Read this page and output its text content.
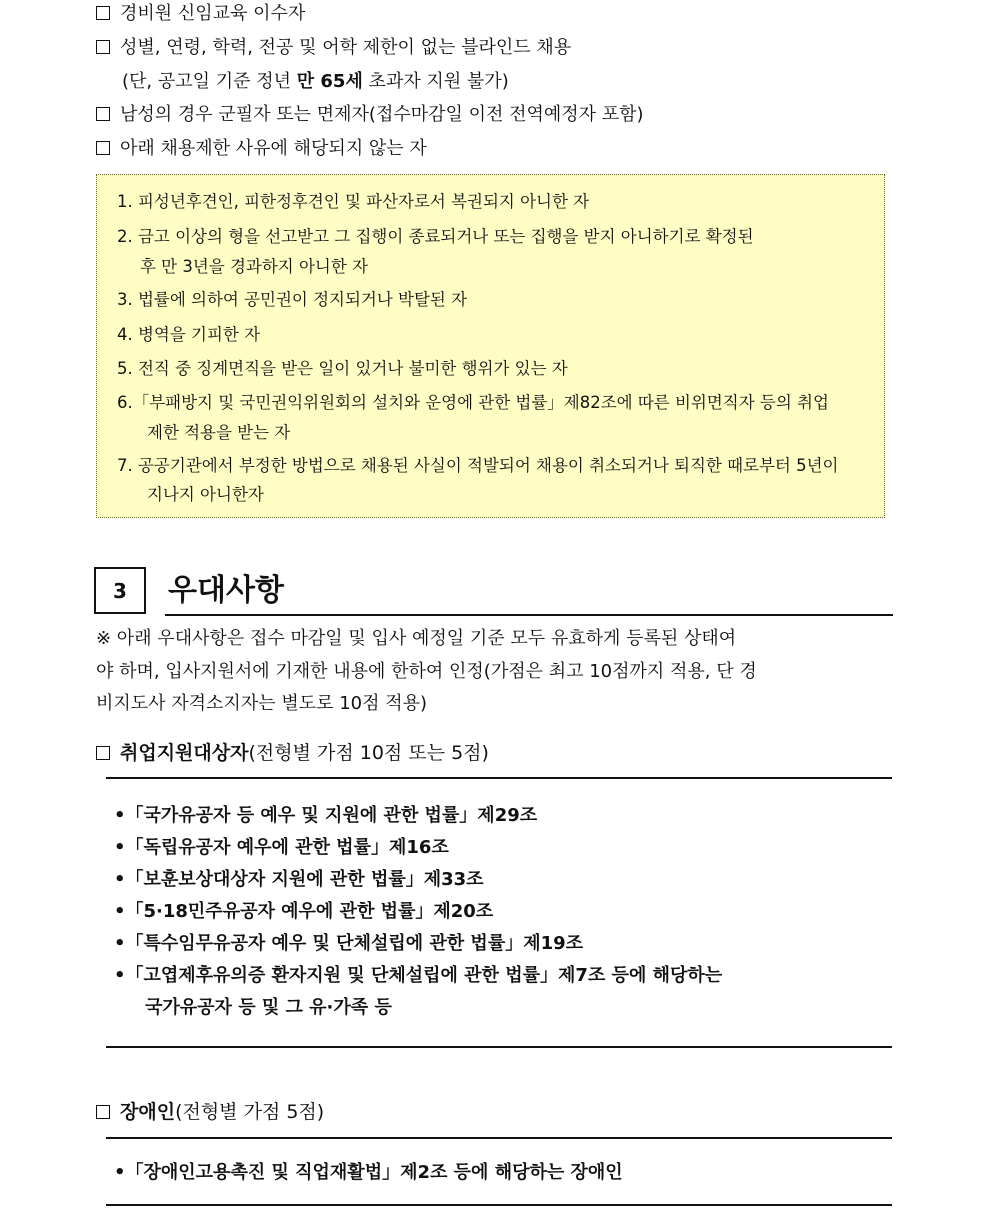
경비원 신임교육 이수자
성별, 연령, 학력, 전공 및 어학 제한이 없는 블라인드 채용
(단, 공고일 기준 정년 만 65세 초과자 지원 불가)
남성의 경우 군필자 또는 면제자(접수마감일 이전 전역예정자 포함)
아래 채용제한 사유에 해당되지 않는 자
1. 피성년후견인, 피한정후견인 및 파산자로서 복권되지 아니한 자
2. 금고 이상의 형을 선고받고 그 집행이 종료되거나 또는 집행을 받지 아니하기로 확정된
후 만 3년을 경과하지 아니한 자
3. 법률에 의하여 공민권이 정지되거나 박탈된 자
4. 병역을 기피한 자
5. 전직 중 징계면직을 받은 일이 있거나 불미한 행위가 있는 자
6.「부패방지 및 국민권익위원회의 설치와 운영에 관한 법률」제82조에 따른 비위면직자 등의 취업
제한 적용을 받는 자
7. 공공기관에서 부정한 방법으로 채용된 사실이 적발되어 채용이 취소되거나 퇴직한 때로부터 5년이
지나지 아니한자
3	우대사항
※ 아래 우대사항은 접수 마감일 및 입사 예정일 기준 모두 유효하게 등록된 상태여
야 하며, 입사지원서에 기재한 내용에 한하여 인정(가점은 최고 10점까지 적용, 단 경
비지도사 자격소지자는 별도로 10점 적용)
취업지원대상자(전형별 가점 10점 또는 5점)
•「국가유공자 등 예우 및 지원에 관한 법률」제29조
•「독립유공자 예우에 관한 법률」제16조
•「보훈보상대상자 지원에 관한 법률」제33조
•「5·18민주유공자 예우에 관한 법률」제20조
•「특수임무유공자 예우 및 단체설립에 관한 법률」제19조
•「고엽제후유의증 환자지원 및 단체설립에 관한 법률」제7조 등에 해당하는
국가유공자 등 및 그 유·가족 등
장애인(전형별 가점 5점)
•「장애인고용촉진 및 직업재활법」제2조 등에 해당하는 장애인
